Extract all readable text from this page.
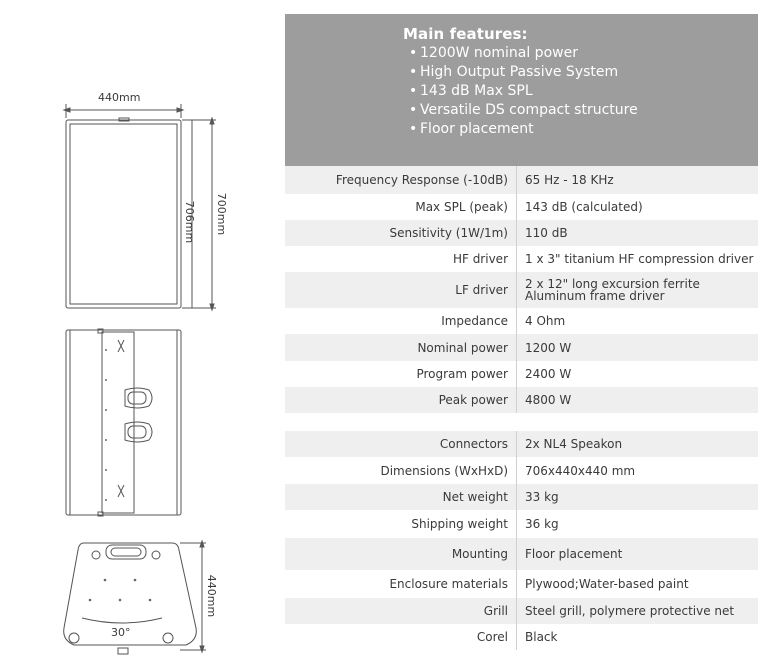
440mm
706mm 700mm
440mm
30°
Main features:
• 1200W nominal power
• High Output Passive System
• 143 dB Max SPL
• Versatile DS compact structure
• Floor placement
Frequency Response (-10dB)	65 Hz - 18 KHz
Max SPL (peak)	143 dB (calculated)
Sensitivity (1W/1m)	110 dB
HF driver	1 x 3" titanium HF compression driver
LF driver	2 x 12" long excursion ferrite
Aluminum frame driver

Impedance	4 Ohm
Nominal power	1200 W
Program power	2400 W
Peak power	4800 W

Connectors	2x NL4 Speakon
Dimensions (WxHxD)	706x440x440 mm
Net weight	33 kg
Shipping weight	36 kg
Mounting	Floor placement
Enclosure materials	Plywood;Water-based paint
Grill	Steel grill, polymere protective net
Corel	Black
